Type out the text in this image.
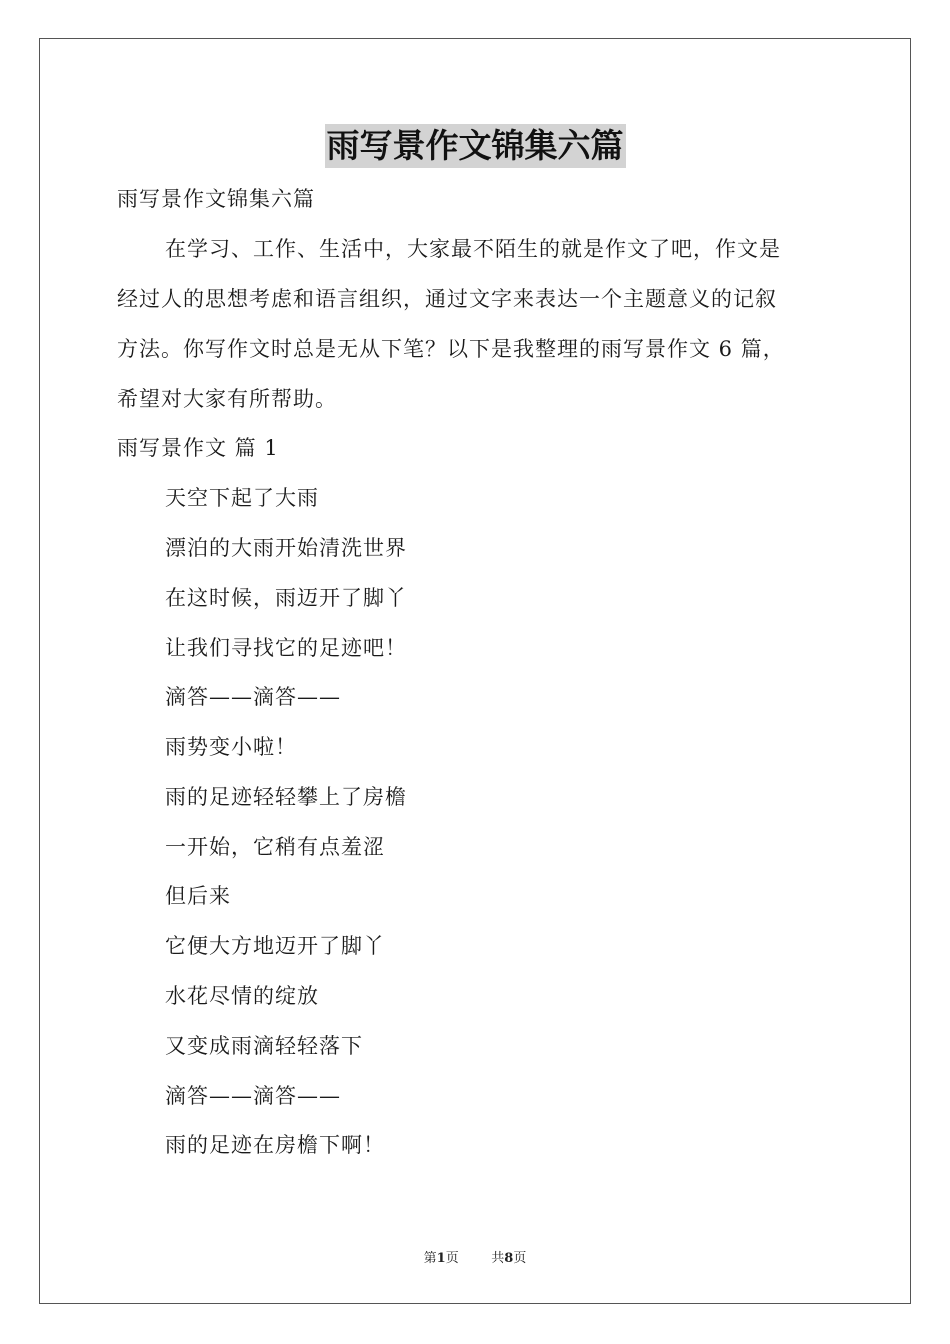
雨写景作文锦集六篇
雨写景作文锦集六篇
在学习、工作、生活中，大家最不陌生的就是作文了吧，作文是
经过人的思想考虑和语言组织，通过文字来表达一个主题意义的记叙
方法。你写作文时总是无从下笔？以下是我整理的雨写景作文 6 篇，
希望对大家有所帮助。
雨写景作文 篇 1
天空下起了大雨
漂泊的大雨开始清洗世界
在这时候，雨迈开了脚丫
让我们寻找它的足迹吧！
滴答——滴答——
雨势变小啦！
雨的足迹轻轻攀上了房檐
一开始，它稍有点羞涩
但后来
它便大方地迈开了脚丫
水花尽情的绽放
又变成雨滴轻轻落下
滴答——滴答——
雨的足迹在房檐下啊！
第1页	共8页
